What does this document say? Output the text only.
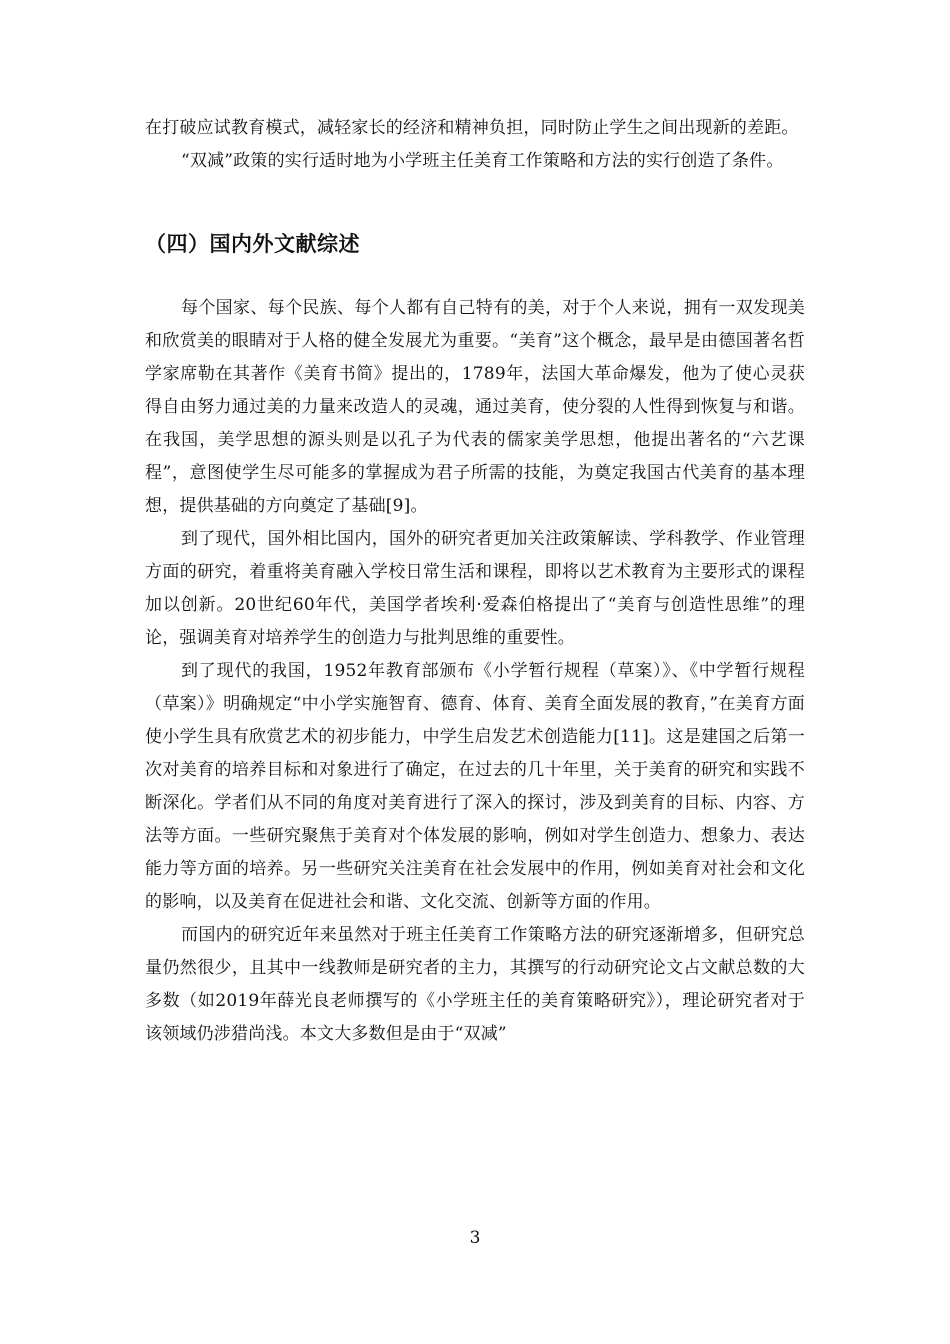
在打破应试教育模式，减轻家长的经济和精神负担，同时防止学生之间出现新的差距。

“双减”政策的实行适时地为小学班主任美育工作策略和方法的实行创造了条件。

（四）国内外文献综述

每个国家、每个民族、每个人都有自己特有的美，对于个人来说，拥有一双发现美和欣赏美的眼睛对于人格的健全发展尤为重要。“美育”这个概念，最早是由德国著名哲学家席勒在其著作《美育书简》提出的，1789年，法国大革命爆发，他为了使心灵获得自由努力通过美的力量来改造人的灵魂，通过美育，使分裂的人性得到恢复与和谐。在我国，美学思想的源头则是以孔子为代表的儒家美学思想，他提出著名的“六艺课程”，意图使学生尽可能多的掌握成为君子所需的技能，为奠定我国古代美育的基本理想，提供基础的方向奠定了基础[9]。

到了现代，国外相比国内，国外的研究者更加关注政策解读、学科教学、作业管理方面的研究，着重将美育融入学校日常生活和课程，即将以艺术教育为主要形式的课程加以创新。20世纪60年代，美国学者埃利·爱森伯格提出了“美育与创造性思维”的理论，强调美育对培养学生的创造力与批判思维的重要性。

到了现代的我国，1952年教育部颁布《小学暂行规程（草案）》、《中学暂行规程（草案）》明确规定“中小学实施智育、德育、体育、美育全面发展的教育，”在美育方面使小学生具有欣赏艺术的初步能力，中学生启发艺术创造能力[11]。这是建国之后第一次对美育的培养目标和对象进行了确定，在过去的几十年里，关于美育的研究和实践不断深化。学者们从不同的角度对美育进行了深入的探讨，涉及到美育的目标、内容、方法等方面。一些研究聚焦于美育对个体发展的影响，例如对学生创造力、想象力、表达能力等方面的培养。另一些研究关注美育在社会发展中的作用，例如美育对社会和文化的影响，以及美育在促进社会和谐、文化交流、创新等方面的作用。

而国内的研究近年来虽然对于班主任美育工作策略方法的研究逐渐增多，但研究总量仍然很少，且其中一线教师是研究者的主力，其撰写的行动研究论文占文献总数的大多数（如2019年薛光良老师撰写的《小学班主任的美育策略研究》），理论研究者对于该领域仍涉猎尚浅。本文大多数但是由于“双减”

3
